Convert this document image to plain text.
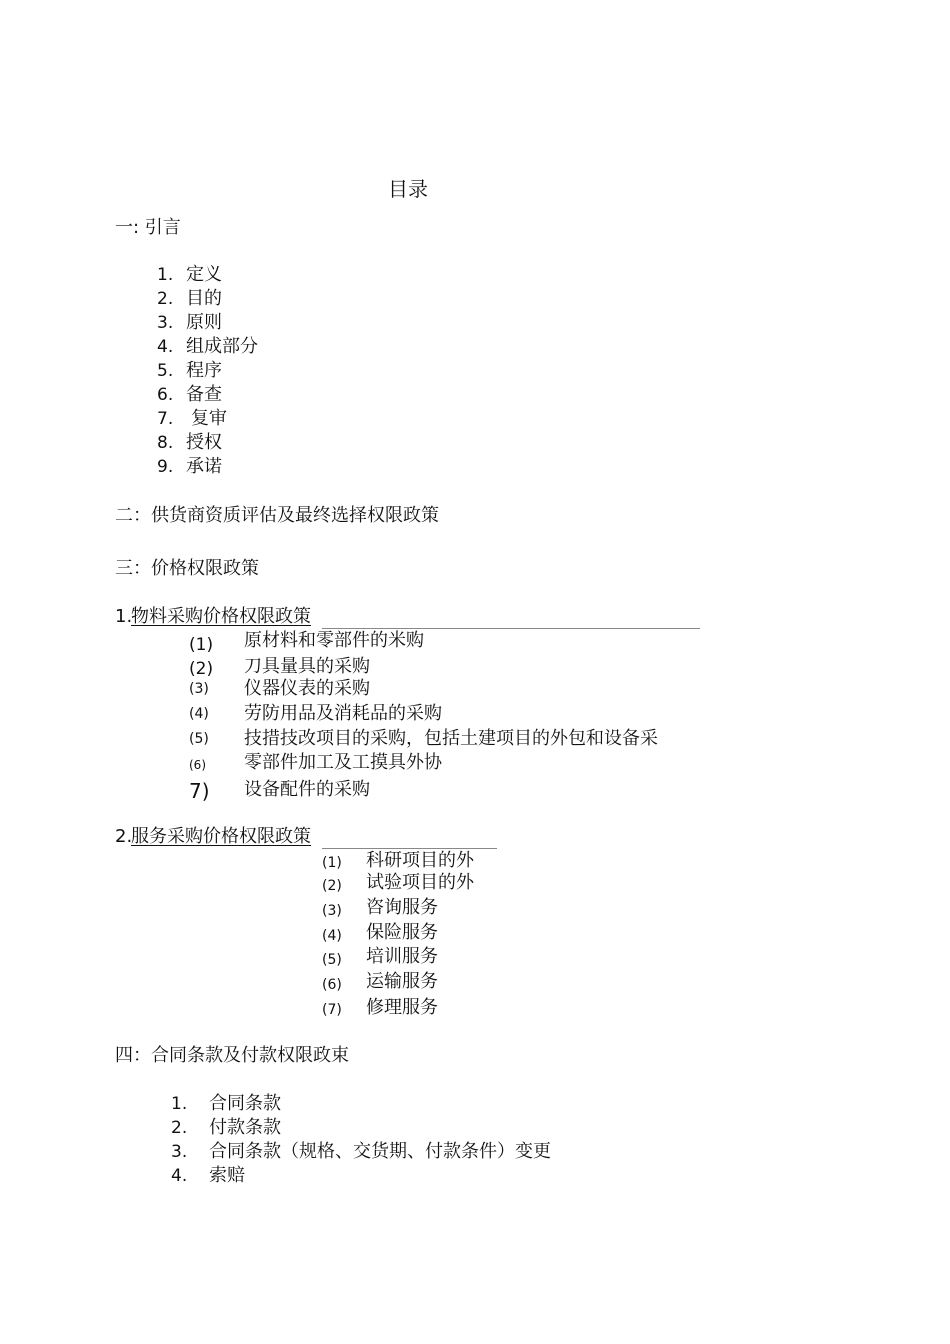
目录
一: 引言
1. 定义
2. 目的
3. 原则
4. 组成部分
5. 程序
6. 备查
7. 复审
8. 授权
9. 承诺
二：供货商资质评估及最终选择权限政策
三：价格权限政策
1.
物料采购价格权限政策
(1) 原材料和零部件的米购
(2) 刀具量具的采购
(3) 仪器仪表的采购
(4) 劳防用品及消耗品的采购
(5) 技措技改项目的采购，包括土建项目的外包和设备采
(6) 零部件加工及工摸具外协
7) 设备配件的采购
2.
服务采购价格权限政策
(1) 科研项目的外
(2) 试验项目的外
(3) 咨询服务
(4) 保险服务
(5) 培训服务
(6) 运输服务
(7) 修理服务
四：合同条款及付款权限政束
1. 合同条款
2. 付款条款
3. 合同条款（规格、交货期、付款条件）变更
4. 索赔
